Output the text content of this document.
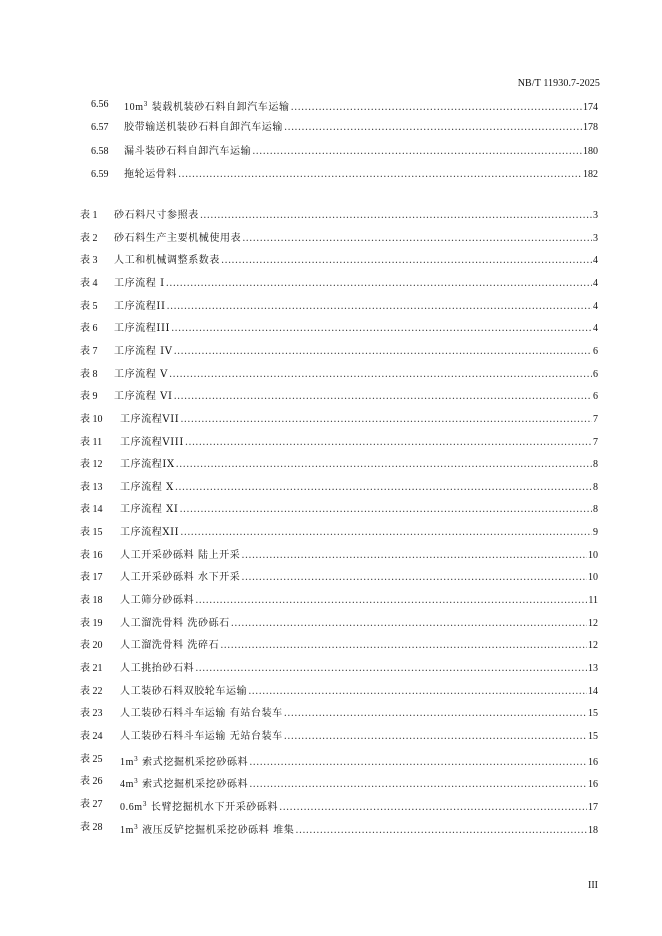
NB/T 11930.7-2025
6.56 $10m^3$ 装载机装砂石料自卸汽车运输 .....	174
6.57 胶带输送机装砂石料自卸汽车运输 .....	178
6.58 漏斗装砂石料自卸汽车运输 .....	180
6.59 拖轮运骨料 .....	182
表 1 砂石料尺寸参照表 .....	3
表 2 砂石料生产主要机械使用表 .....	3
表 3 人工和机械调整系数表 .....	4
表 4 工序流程 I .....	4
表 5 工序流程II .....	4
表 6 工序流程III .....	4
表 7 工序流程 IV .....	6
表 8 工序流程 V .....	6
表 9 工序流程 VI .....	6
表 10 工序流程VII .....	7
表 11 工序流程VIII .....	7
表 12 工序流程IX .....	8
表 13 工序流程 X .....	8
表 14 工序流程 XI .....	8
表 15 工序流程XII .....	9
表 16 人工开采砂砾料 陆上开采 .....	10
表 17 人工开采砂砾料 水下开采 .....	10
表 18 人工筛分砂砾料 .....	11
表 19 人工溜洗骨料 洗砂砾石 .....	12
表 20 人工溜洗骨料 洗碎石 .....	12
表 21 人工挑抬砂石料 .....	13
表 22 人工装砂石料双胶轮车运输 .....	14
表 23 人工装砂石料斗车运输 有站台装车 .....	15
表 24 人工装砂石料斗车运输 无站台装车 .....	15
表 25 $1m^3$ 索式挖掘机采挖砂砾料 .....	16
表 26 $4m^3$ 索式挖掘机采挖砂砾料 .....	16
表 27 $0.6m^3$ 长臂挖掘机水下开采砂砾料 .....	17
表 28 $1m^3$ 液压反铲挖掘机采挖砂砾料 堆集 .....	18
III
